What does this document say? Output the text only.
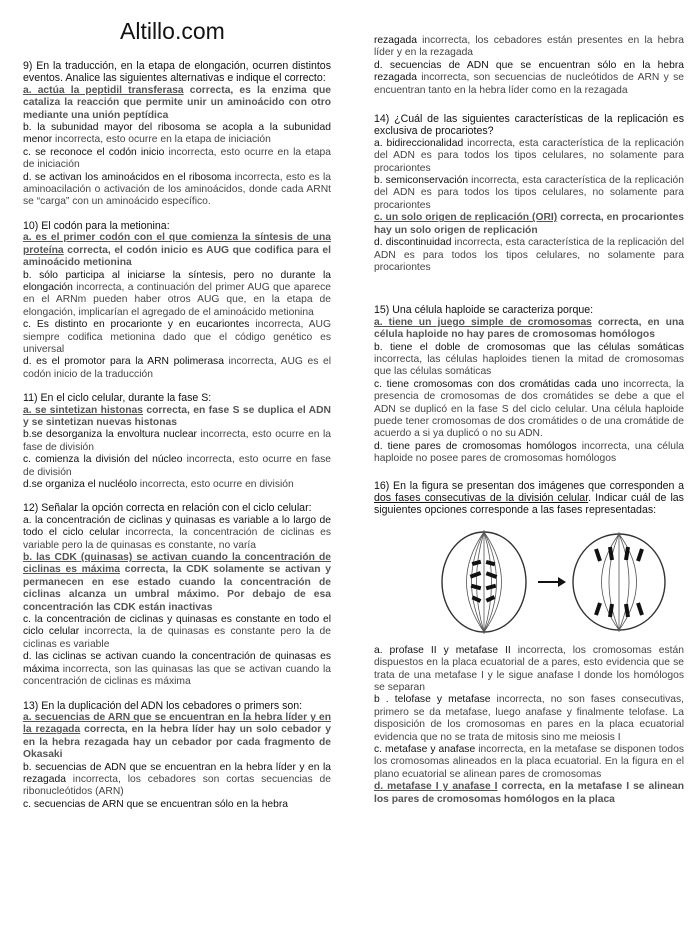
Altillo.com

9) En la traducción, en la etapa de elongación, ocurren distintos eventos. Analice las siguientes alternativas e indique el correcto:

a. actúa la peptidil transferasa correcta, es la enzima que cataliza la reacción que permite unir un aminoácido con otro mediante una unión peptídica

b. la subunidad mayor del ribosoma se acopla a la subunidad menor incorrecta, esto ocurre en la etapa de iniciación

c. se reconoce el codón inicio incorrecta, esto ocurre en la etapa de iniciación

d. se activan los aminoácidos en el ribosoma incorrecta, esto es la aminoacilación o activación de los aminoácidos, donde cada ARNt se “carga” con un aminoácido específico.

10) El codón para la metionina:

a. es el primer codón con el que comienza la síntesis de una proteína correcta, el codón inicio es AUG que codifica para el aminoácido metionina

b. sólo participa al iniciarse la síntesis, pero no durante la elongación incorrecta, a continuación del primer AUG que aparece en el ARNm pueden haber otros AUG que, en la etapa de elongación, implicarían el agregado de el aminoácido metionina

c. Es distinto en procarionte y en eucariontes incorrecta, AUG siempre codifica metionina dado que el código genético es universal

d. es el promotor para la ARN polimerasa incorrecta, AUG es el codón inicio de la traducción

11) En el ciclo celular, durante la fase S:

a. se sintetizan histonas correcta, en fase S se duplica el ADN y se sintetizan nuevas histonas

b.se desorganiza la envoltura nuclear incorrecta, esto ocurre en la fase de división

c. comienza la división del núcleo incorrecta, esto ocurre en fase de división

d.se organiza el nucléolo incorrecta, esto ocurre en división

12) Señalar la opción correcta en relación con el ciclo celular:

a. la concentración de ciclinas y quinasas es variable a lo largo de todo el ciclo celular incorrecta, la concentración de ciclinas es variable pero la de quinasas es constante, no varía

b. las CDK (quinasas) se activan cuando la concentración de ciclinas es máxima correcta, la CDK solamente se activan y permanecen en ese estado cuando la concentración de ciclinas alcanza un umbral máximo. Por debajo de esa concentración las CDK están inactivas

c. la concentración de ciclinas y quinasas es constante en todo el ciclo celular incorrecta, la de quinasas es constante pero la de ciclinas es variable

d. las ciclinas se activan cuando la concentración de quinasas es máxima incorrecta, son las quinasas las que se activan cuando la concentración de ciclinas es máxima

13) En la duplicación del ADN los cebadores o primers son:

a. secuencias de ARN que se encuentran en la hebra líder y en la rezagada correcta, en la hebra líder hay un solo cebador y en la hebra rezagada hay un cebador por cada fragmento de Okasaki

b. secuencias de ADN que se encuentran en la hebra líder y en la rezagada incorrecta, los cebadores son cortas secuencias de ribonucleótidos (ARN)

c. secuencias de ARN que se encuentran sólo en la hebra

rezagada incorrecta, los cebadores están presentes en la hebra líder y en la rezagada

d. secuencias de ADN que se encuentran sólo en la hebra rezagada incorrecta, son secuencias de nucleótidos de ARN y se encuentran tanto en la hebra líder como en la rezagada

14) ¿Cuál de las siguientes características de la replicación es exclusiva de procariotes?

a. bidireccionalidad incorrecta, esta característica de la replicación del ADN es para todos los tipos celulares, no solamente para procariontes

b. semiconservación incorrecta, esta característica de la replicación del ADN es para todos los tipos celulares, no solamente para procariontes

c. un solo origen de replicación (ORI) correcta, en procariontes hay un solo origen de replicación

d. discontinuidad incorrecta, esta característica de la replicación del ADN es para todos los tipos celulares, no solamente para procariontes

15) Una célula haploide se caracteriza porque:

a. tiene un juego simple de cromosomas correcta, en una célula haploide no hay pares de cromosomas homólogos

b. tiene el doble de cromosomas que las células somáticas incorrecta, las células haploides tienen la mitad de cromosomas que las células somáticas

c. tiene cromosomas con dos cromátidas cada uno incorrecta, la presencia de cromosomas de dos cromátides se debe a que el ADN se duplicó en la fase S del ciclo celular. Una célula haploide puede tener cromosomas de dos cromátides o de una cromátide de acuerdo a si ya duplicó o no su ADN.

d. tiene pares de cromosomas homólogos incorrecta, una célula haploide no posee pares de cromosomas homólogos

16) En la figura se presentan dos imágenes que corresponden a dos fases consecutivas de la división celular. Indicar cuál de las siguientes opciones corresponde a las fases representadas:

a. profase II y metafase II incorrecta, los cromosomas están dispuestos en la placa ecuatorial de a pares, esto evidencia que se trata de una metafase I y le sigue anafase I donde los homólogos se separan

b . telofase y metafase incorrecta, no son fases consecutivas, primero se da metafase, luego anafase y finalmente telofase. La disposición de los cromosomas en pares en la placa ecuatorial evidencia que no se trata de mitosis sino me meiosis I

c. metafase y anafase incorrecta, en la metafase se disponen todos los cromosomas alineados en la placa ecuatorial. En la figura en el plano ecuatorial se alinean pares de cromosomas

d. metafase I y anafase I correcta, en la metafase I se alinean los pares de cromosomas homólogos en la placa
